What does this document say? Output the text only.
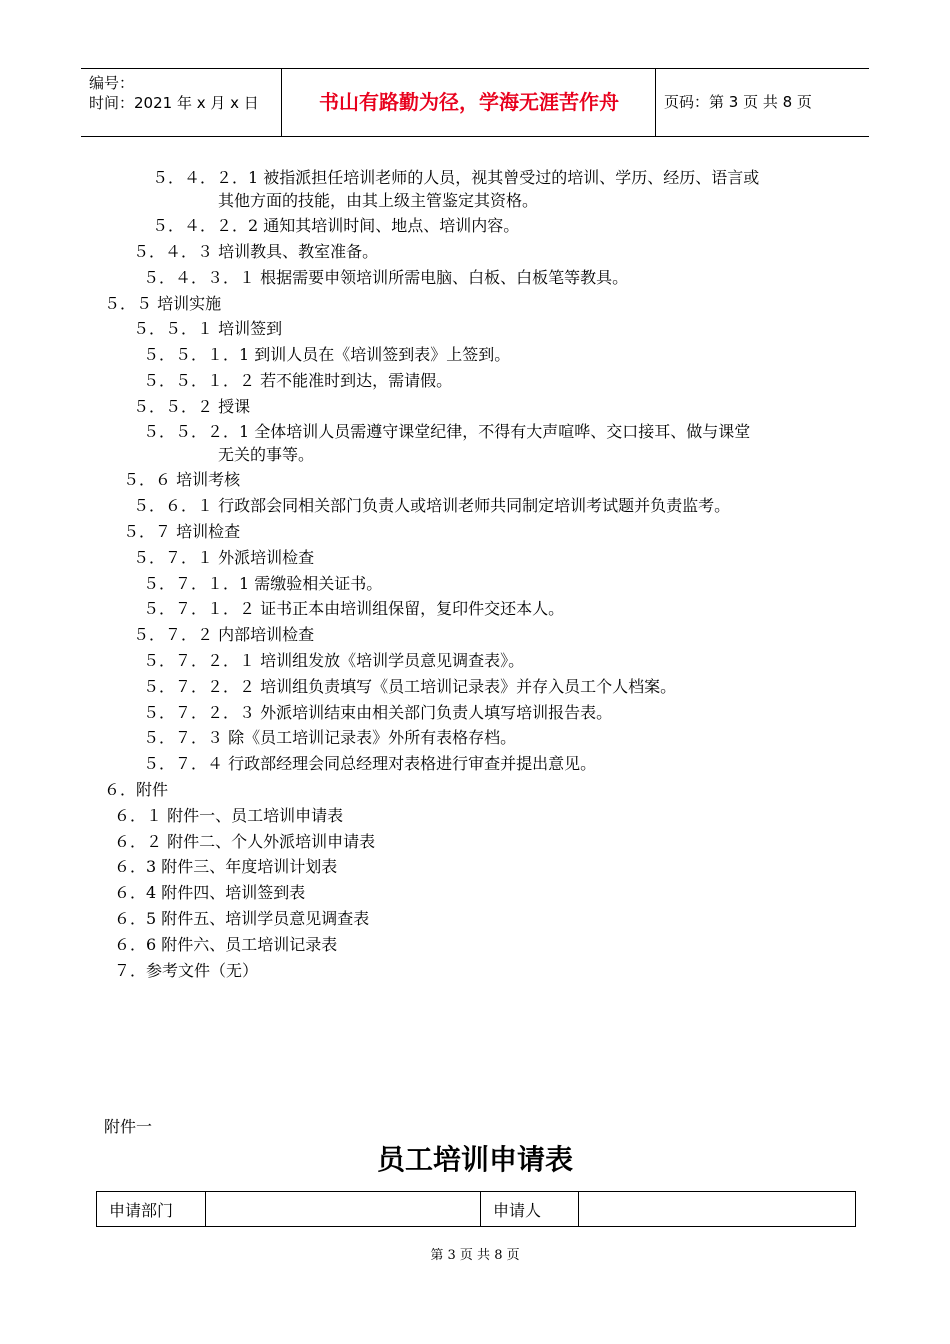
编号：
时间：2021 年 x 月 x 日	书山有路勤为径，学海无涯苦作舟	页码：第 3 页 共 8 页
５．４．２．1 被指派担任培训老师的人员，视其曾受过的培训、学历、经历、语言或
其他方面的技能，由其上级主管鉴定其资格。
５．４．２．2 通知其培训时间、地点、培训内容。
５．４．３ 培训教具、教室准备。
５．４．３．１ 根据需要申领培训所需电脑、白板、白板笔等教具。
５．５ 培训实施
５．５．１ 培训签到
５．５．１．1 到训人员在《培训签到表》上签到。
５．５．１．２ 若不能准时到达，需请假。
５．５．２ 授课
５．５．２．1 全体培训人员需遵守课堂纪律，不得有大声喧哗、交口接耳、做与课堂
无关的事等。
５．６ 培训考核
５．６．１ 行政部会同相关部门负责人或培训老师共同制定培训考试题并负责监考。
５．７ 培训检查
５．７．１ 外派培训检查
５．７．１．1 需缴验相关证书。
５．７．１．２ 证书正本由培训组保留，复印件交还本人。
５．７．２ 内部培训检查
５．７．２．１ 培训组发放《培训学员意见调查表》。
５．７．２．２ 培训组负责填写《员工培训记录表》并存入员工个人档案。
５．７．２．３ 外派培训结束由相关部门负责人填写培训报告表。
５．７．３ 除《员工培训记录表》外所有表格存档。
５．７．４ 行政部经理会同总经理对表格进行审查并提出意见。
６．附件
６．１ 附件一、员工培训申请表
６．２ 附件二、个人外派培训申请表
６．3 附件三、年度培训计划表
６．4 附件四、培训签到表
６．5 附件五、培训学员意见调查表
６．6 附件六、员工培训记录表
７．参考文件（无）
附件一
员工培训申请表
申请部门		申请人	
第 3 页 共 8 页
